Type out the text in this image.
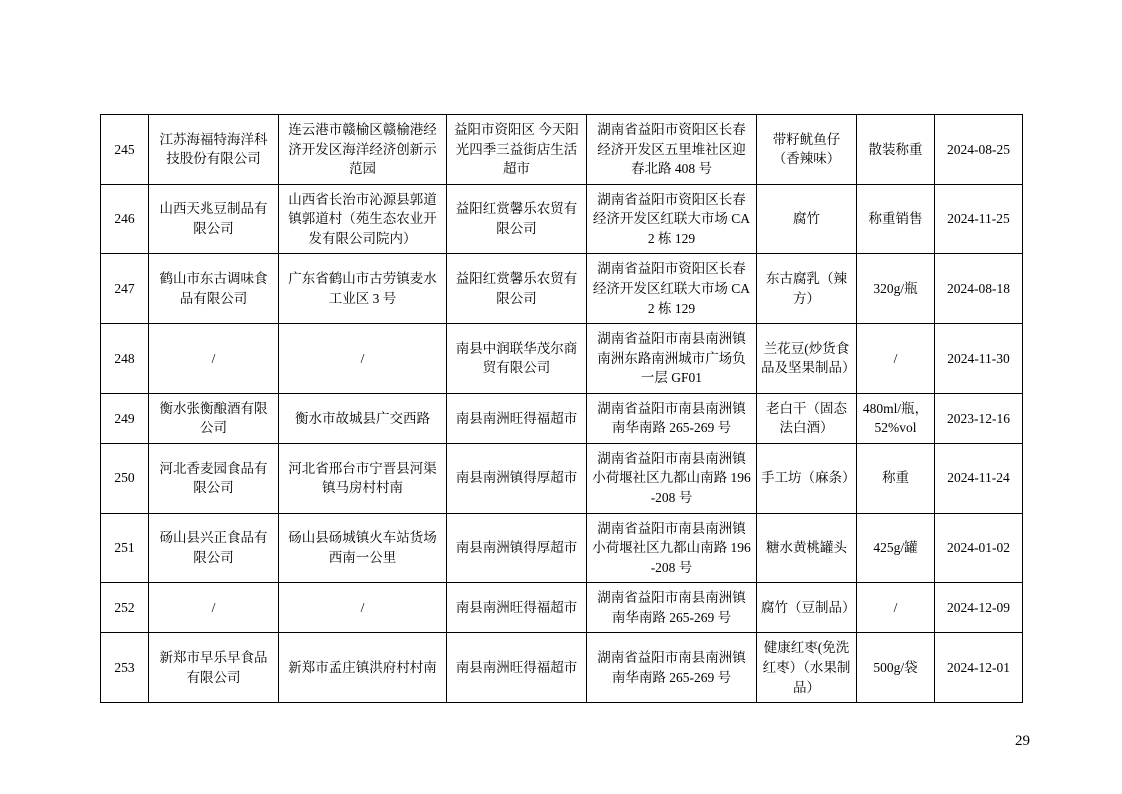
245	江苏海福特海洋科技股份有限公司	连云港市赣榆区赣榆港经济开发区海洋经济创新示范园	益阳市资阳区 今天阳光四季三益街店生活超市	湖南省益阳市资阳区长春经济开发区五里堆社区迎春北路 408 号	带籽鱿鱼仔（香辣味）	散装称重	2024-08-25
246	山西天兆豆制品有限公司	山西省长治市沁源县郭道镇郭道村（苑生态农业开发有限公司院内）	益阳红赏馨乐农贸有限公司	湖南省益阳市资阳区长春经济开发区红联大市场 CA2 栋 129	腐竹	称重销售	2024-11-25
247	鹤山市东古调味食品有限公司	广东省鹤山市古劳镇麦水工业区 3 号	益阳红赏馨乐农贸有限公司	湖南省益阳市资阳区长春经济开发区红联大市场 CA2 栋 129	东古腐乳（辣方）	320g/瓶	2024-08-18
248	/	/	南县中润联华茂尔商贸有限公司	湖南省益阳市南县南洲镇南洲东路南洲城市广场负一层 GF01	兰花豆(炒货食品及坚果制品）	/	2024-11-30
249	衡水张衡酿酒有限公司	衡水市故城县广交西路	南县南洲旺得福超市	湖南省益阳市南县南洲镇南华南路 265-269 号	老白干（固态法白酒）	480ml/瓶，52%vol	2023-12-16
250	河北香麦园食品有限公司	河北省邢台市宁晋县河渠镇马房村村南	南县南洲镇得厚超市	湖南省益阳市南县南洲镇小荷堰社区九都山南路 196-208 号	手工坊（麻条）	称重	2024-11-24
251	砀山县兴正食品有限公司	砀山县砀城镇火车站货场西南一公里	南县南洲镇得厚超市	湖南省益阳市南县南洲镇小荷堰社区九都山南路 196-208 号	糖水黄桃罐头	425g/罐	2024-01-02
252	/	/	南县南洲旺得福超市	湖南省益阳市南县南洲镇南华南路 265-269 号	腐竹（豆制品）	/	2024-12-09
253	新郑市早乐早食品有限公司	新郑市孟庄镇洪府村村南	南县南洲旺得福超市	湖南省益阳市南县南洲镇南华南路 265-269 号	健康红枣(免洗红枣）（水果制品）	500g/袋	2024-12-01
29
